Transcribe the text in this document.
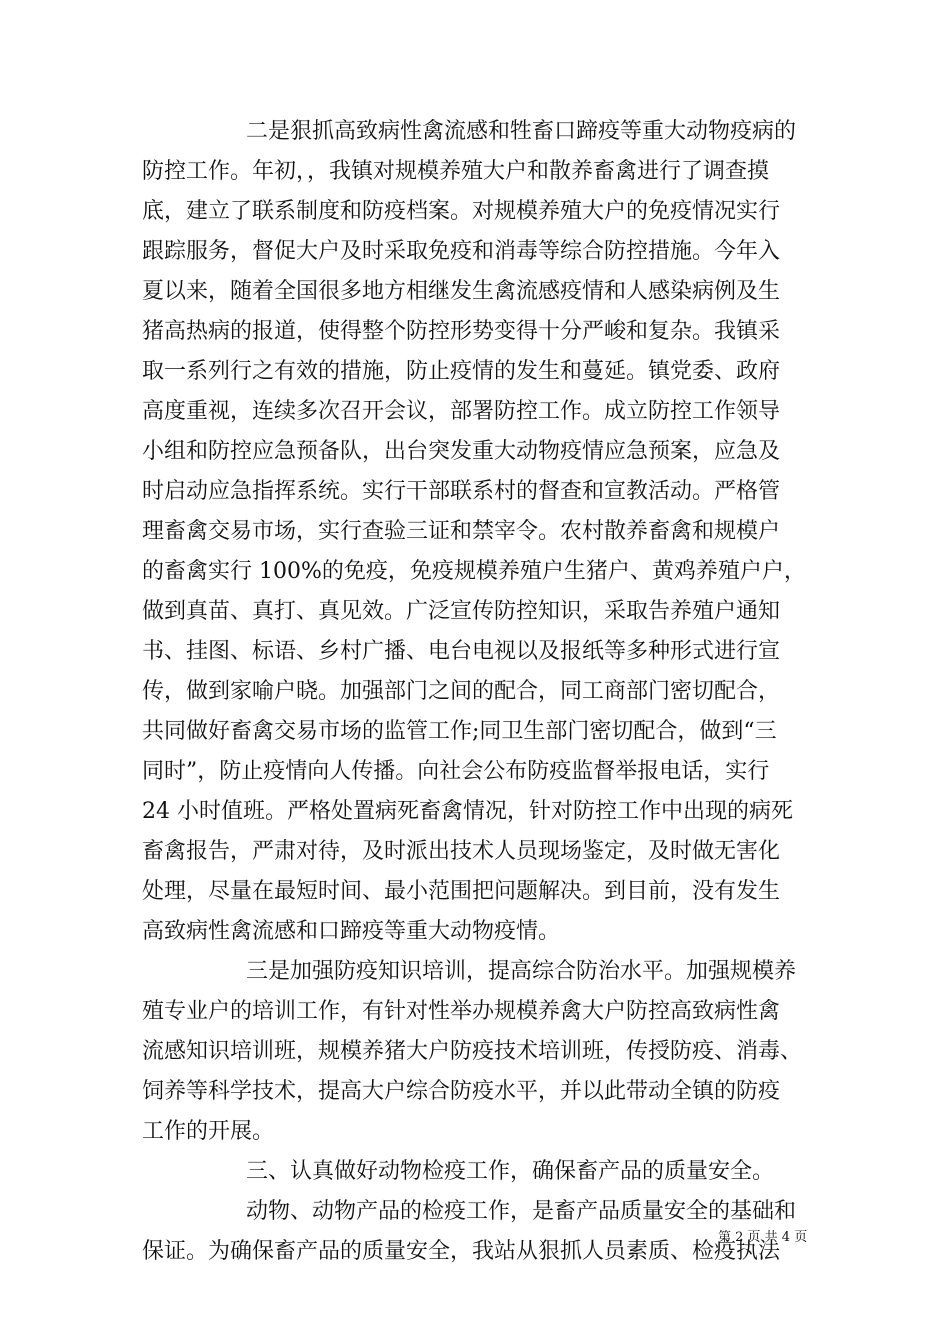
二是狠抓高致病性禽流感和牲畜口蹄疫等重大动物疫病的
防控工作。年初，，我镇对规模养殖大户和散养畜禽进行了调查摸
底，建立了联系制度和防疫档案。对规模养殖大户的免疫情况实行
跟踪服务，督促大户及时采取免疫和消毒等综合防控措施。今年入
夏以来，随着全国很多地方相继发生禽流感疫情和人感染病例及生
猪高热病的报道，使得整个防控形势变得十分严峻和复杂。我镇采
取一系列行之有效的措施，防止疫情的发生和蔓延。镇党委、政府
高度重视，连续多次召开会议，部署防控工作。成立防控工作领导
小组和防控应急预备队，出台突发重大动物疫情应急预案，应急及
时启动应急指挥系统。实行干部联系村的督查和宣教活动。严格管
理畜禽交易市场，实行查验三证和禁宰令。农村散养畜禽和规模户
的畜禽实行 100%的免疫，免疫规模养殖户生猪户、黄鸡养殖户户，
做到真苗、真打、真见效。广泛宣传防控知识，采取告养殖户通知
书、挂图、标语、乡村广播、电台电视以及报纸等多种形式进行宣
传，做到家喻户晓。加强部门之间的配合，同工商部门密切配合，
共同做好畜禽交易市场的监管工作;同卫生部门密切配合，做到“三
同时”，防止疫情向人传播。向社会公布防疫监督举报电话，实行
24 小时值班。严格处置病死畜禽情况，针对防控工作中出现的病死
畜禽报告，严肃对待，及时派出技术人员现场鉴定，及时做无害化
处理，尽量在最短时间、最小范围把问题解决。到目前，没有发生
高致病性禽流感和口蹄疫等重大动物疫情。
三是加强防疫知识培训，提高综合防治水平。加强规模养
殖专业户的培训工作，有针对性举办规模养禽大户防控高致病性禽
流感知识培训班，规模养猪大户防疫技术培训班，传授防疫、消毒、
饲养等科学技术，提高大户综合防疫水平，并以此带动全镇的防疫
工作的开展。
三、认真做好动物检疫工作，确保畜产品的质量安全。
动物、动物产品的检疫工作，是畜产品质量安全的基础和
保证。为确保畜产品的质量安全，我站从狠抓人员素质、检疫执法
第 2 页 共 4 页
